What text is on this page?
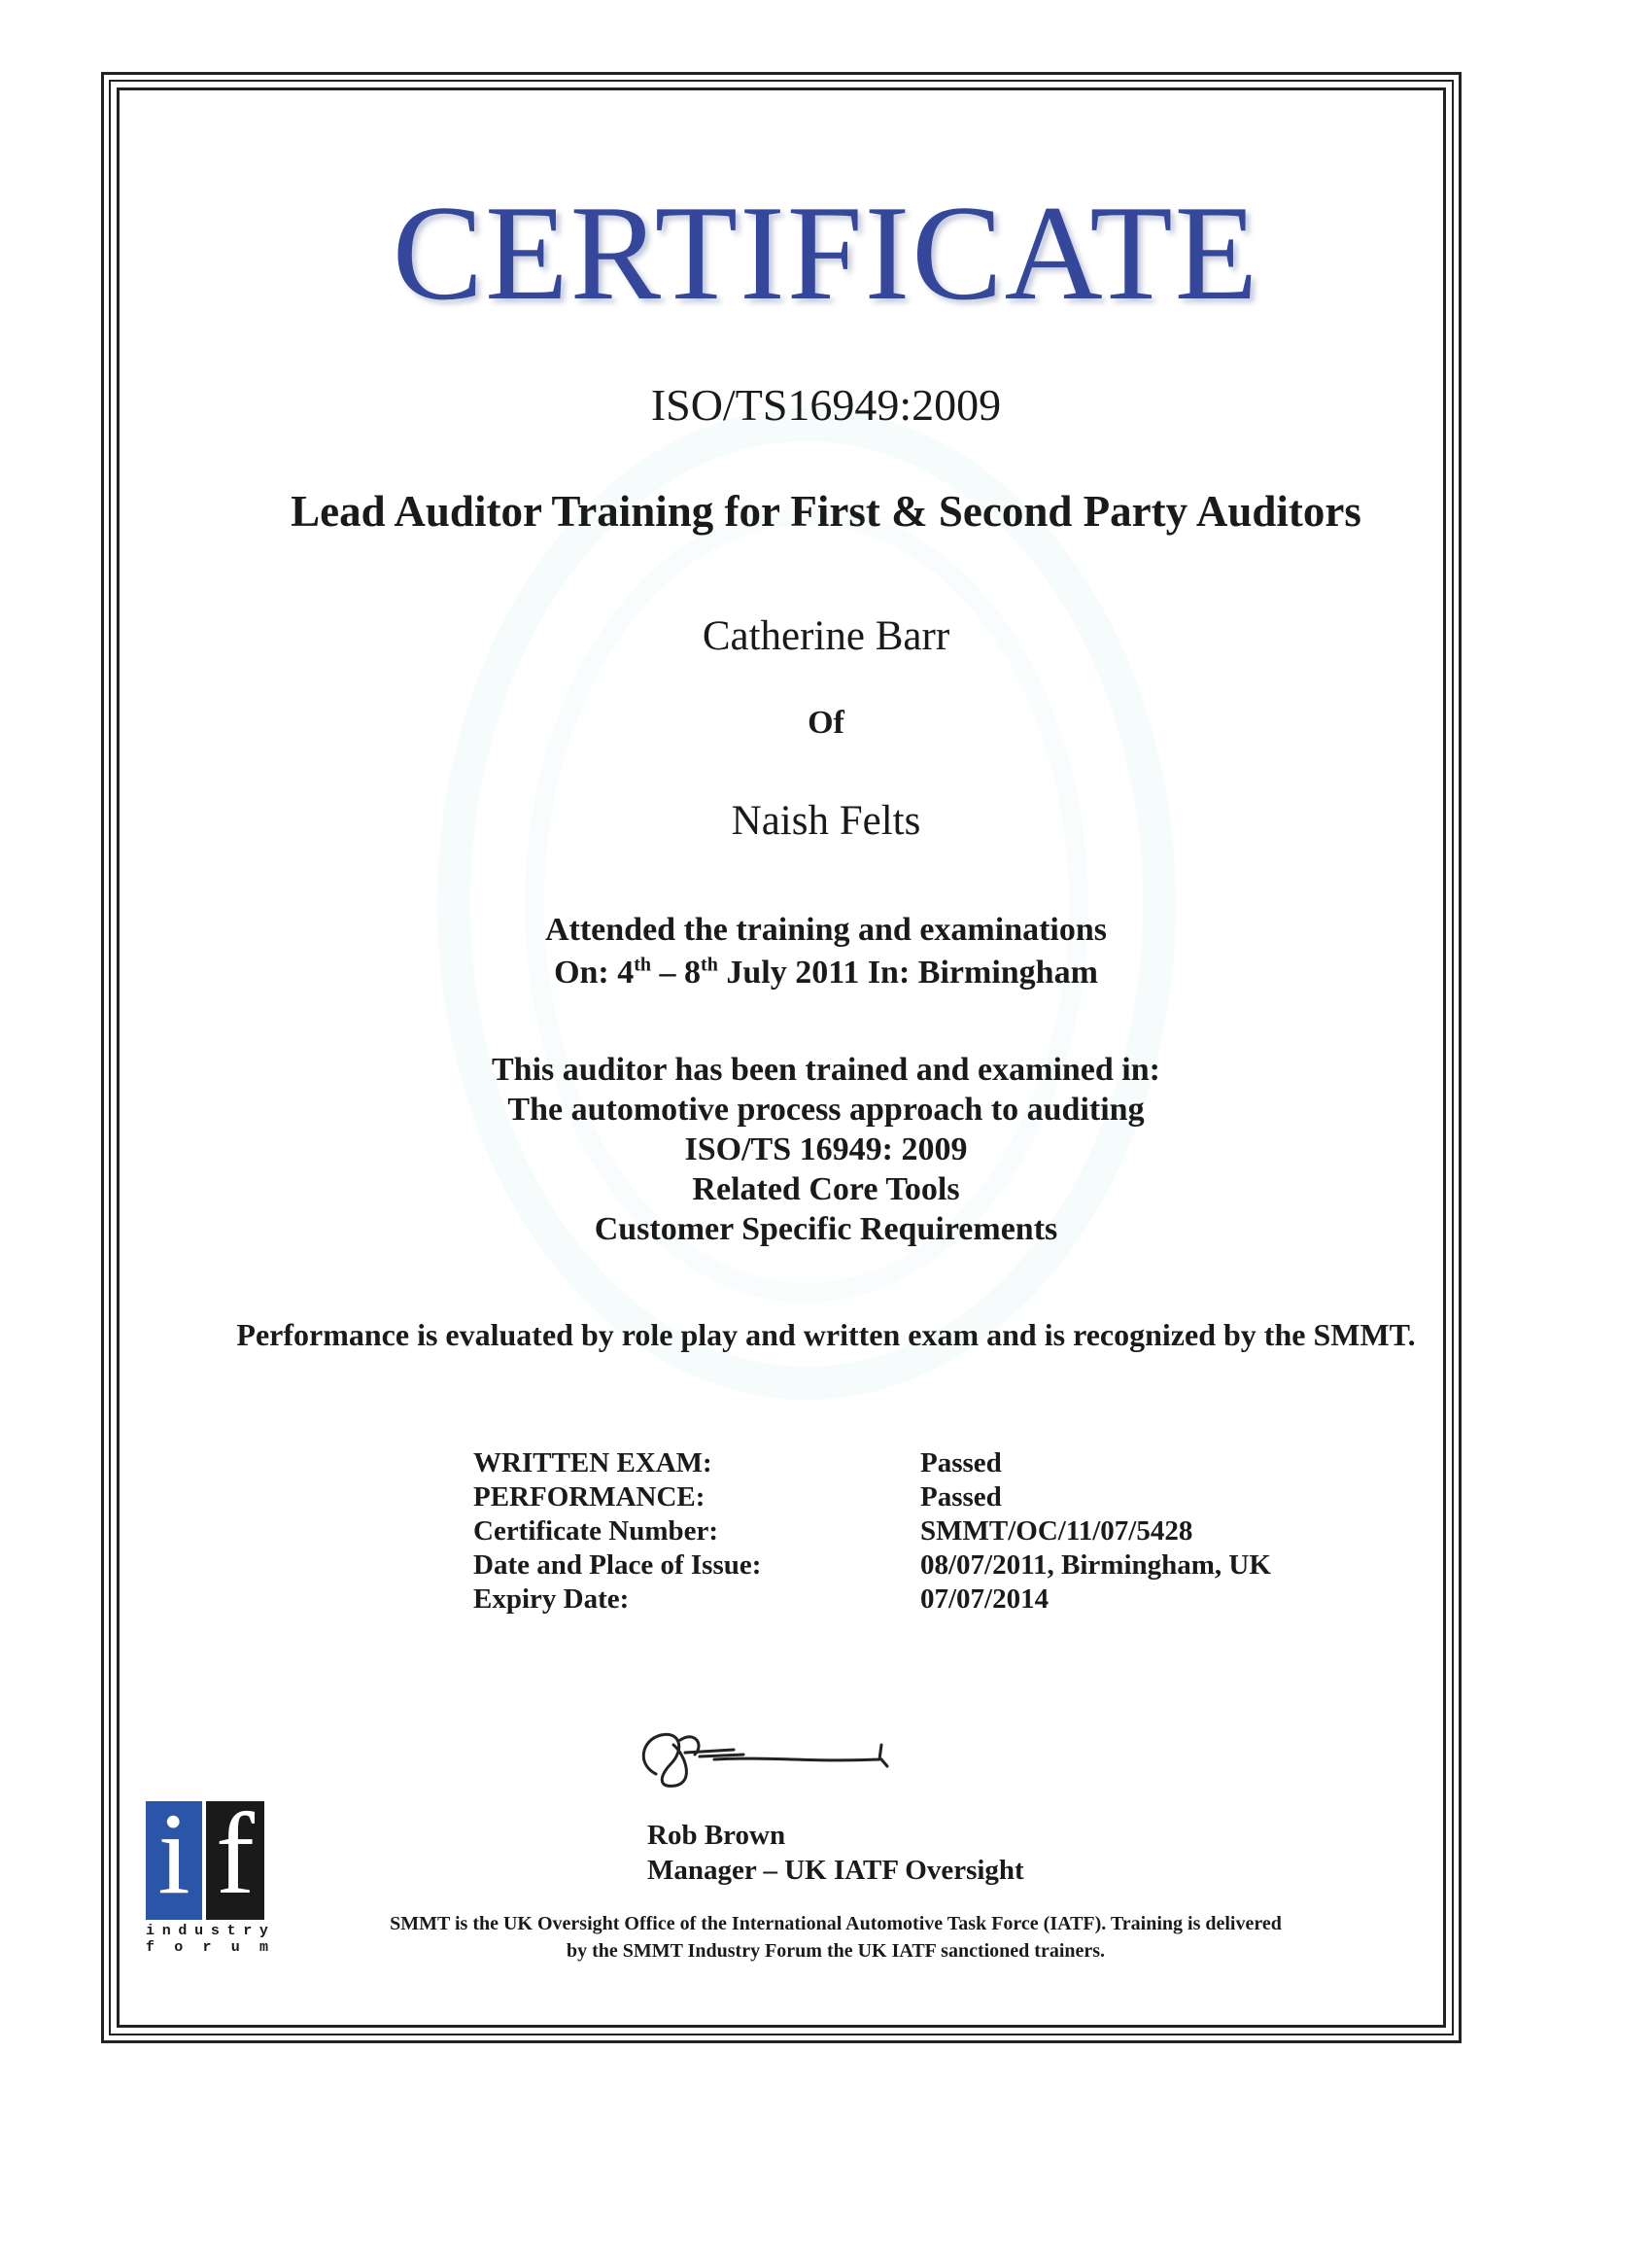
CERTIFICATE
ISO/TS16949:2009
Lead Auditor Training for First & Second Party Auditors
Catherine Barr
Of
Naish Felts
Attended the training and examinations
On: 4th – 8th July 2011 In: Birmingham
This auditor has been trained and examined in:
The automotive process approach to auditing
ISO/TS 16949: 2009
Related Core Tools
Customer Specific Requirements
Performance is evaluated by role play and written exam and is recognized by the SMMT.
WRITTEN EXAM:	Passed
PERFORMANCE:	Passed
Certificate Number:	SMMT/OC/11/07/5428
Date and Place of Issue:	08/07/2011, Birmingham, UK
Expiry Date:	07/07/2014
Rob Brown
Manager – UK IATF Oversight
SMMT is the UK Oversight Office of the International Automotive Task Force (IATF). Training is delivered
by the SMMT Industry Forum the UK IATF sanctioned trainers.
i f
i n d u s t r y
f o r u m
